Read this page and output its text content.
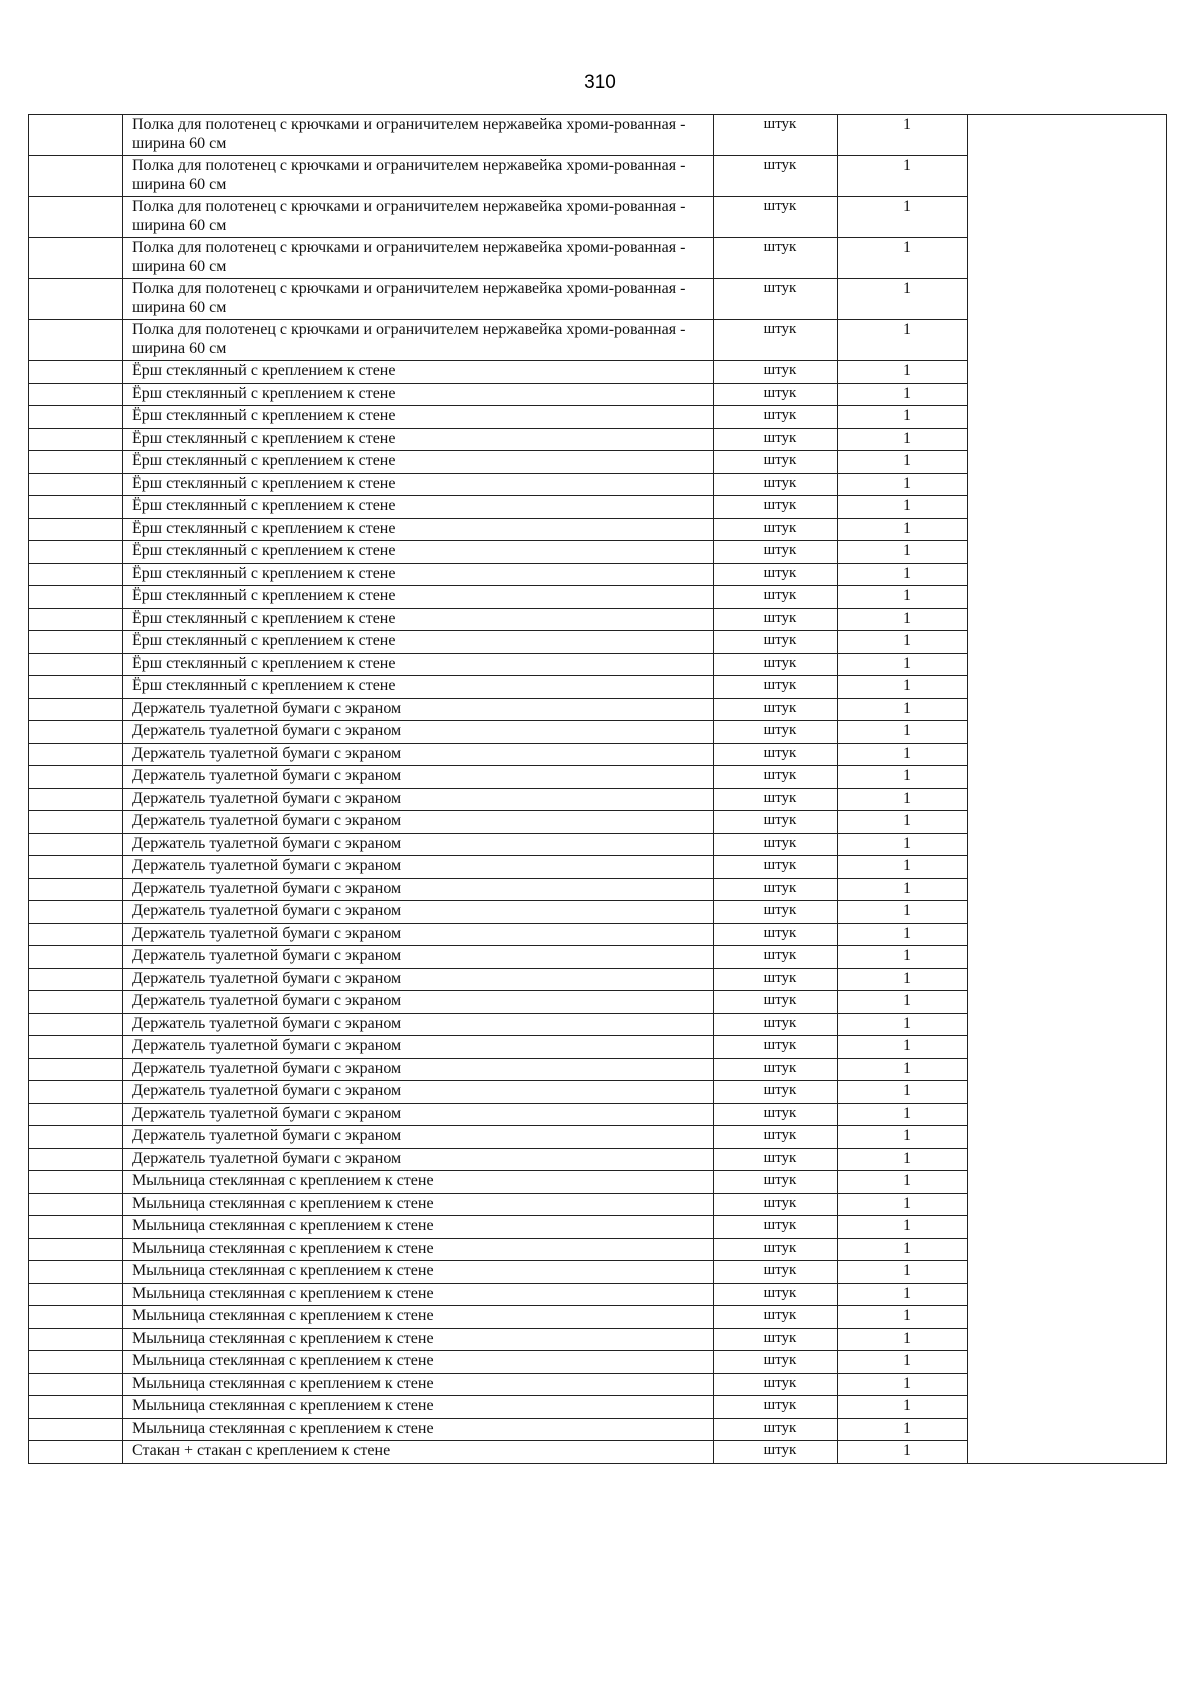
310
	Полка для полотенец с крючками и ограничителем нержавейка хроми-рованная - ширина 60 см	штук	1	
	Полка для полотенец с крючками и ограничителем нержавейка хроми-рованная - ширина 60 см	штук	1	
	Полка для полотенец с крючками и ограничителем нержавейка хроми-рованная - ширина 60 см	штук	1	
	Полка для полотенец с крючками и ограничителем нержавейка хроми-рованная - ширина 60 см	штук	1	
	Полка для полотенец с крючками и ограничителем нержавейка хроми-рованная - ширина 60 см	штук	1	
	Полка для полотенец с крючками и ограничителем нержавейка хроми-рованная - ширина 60 см	штук	1	
	Ёрш стеклянный с креплением к стене	штук	1	
	Ёрш стеклянный с креплением к стене	штук	1	
	Ёрш стеклянный с креплением к стене	штук	1	
	Ёрш стеклянный с креплением к стене	штук	1	
	Ёрш стеклянный с креплением к стене	штук	1	
	Ёрш стеклянный с креплением к стене	штук	1	
	Ёрш стеклянный с креплением к стене	штук	1	
	Ёрш стеклянный с креплением к стене	штук	1	
	Ёрш стеклянный с креплением к стене	штук	1	
	Ёрш стеклянный с креплением к стене	штук	1	
	Ёрш стеклянный с креплением к стене	штук	1	
	Ёрш стеклянный с креплением к стене	штук	1	
	Ёрш стеклянный с креплением к стене	штук	1	
	Ёрш стеклянный с креплением к стене	штук	1	
	Ёрш стеклянный с креплением к стене	штук	1	
	Держатель туалетной бумаги с экраном	штук	1	
	Держатель туалетной бумаги с экраном	штук	1	
	Держатель туалетной бумаги с экраном	штук	1	
	Держатель туалетной бумаги с экраном	штук	1	
	Держатель туалетной бумаги с экраном	штук	1	
	Держатель туалетной бумаги с экраном	штук	1	
	Держатель туалетной бумаги с экраном	штук	1	
	Держатель туалетной бумаги с экраном	штук	1	
	Держатель туалетной бумаги с экраном	штук	1	
	Держатель туалетной бумаги с экраном	штук	1	
	Держатель туалетной бумаги с экраном	штук	1	
	Держатель туалетной бумаги с экраном	штук	1	
	Держатель туалетной бумаги с экраном	штук	1	
	Держатель туалетной бумаги с экраном	штук	1	
	Держатель туалетной бумаги с экраном	штук	1	
	Держатель туалетной бумаги с экраном	штук	1	
	Держатель туалетной бумаги с экраном	штук	1	
	Держатель туалетной бумаги с экраном	штук	1	
	Держатель туалетной бумаги с экраном	штук	1	
	Держатель туалетной бумаги с экраном	штук	1	
	Держатель туалетной бумаги с экраном	штук	1	
	Мыльница стеклянная с креплением к стене	штук	1	
	Мыльница стеклянная с креплением к стене	штук	1	
	Мыльница стеклянная с креплением к стене	штук	1	
	Мыльница стеклянная с креплением к стене	штук	1	
	Мыльница стеклянная с креплением к стене	штук	1	
	Мыльница стеклянная с креплением к стене	штук	1	
	Мыльница стеклянная с креплением к стене	штук	1	
	Мыльница стеклянная с креплением к стене	штук	1	
	Мыльница стеклянная с креплением к стене	штук	1	
	Мыльница стеклянная с креплением к стене	штук	1	
	Мыльница стеклянная с креплением к стене	штук	1	
	Мыльница стеклянная с креплением к стене	штук	1	
	Стакан + стакан с креплением к стене	штук	1	
